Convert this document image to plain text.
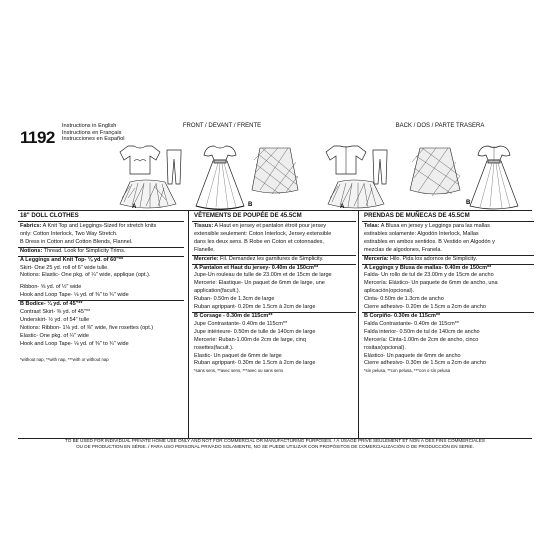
1192
Instructions in English
Instructions en Français
Instrucciones en Español
FRONT / DEVANT / FRENTE	BACK / DOS / PARTE TRASERA
A	B	A
B
18" DOLL CLOTHES
Fabrics: A Knit Top and Leggings-Sized for stretch knits
only: Cotton Interlock, Two Way Stretch.
B Dress in Cotton and Cotton Blends, Flannel.
Notions: Thread. Look for Simplicity Trims.
A Leggings and Knit Top- ⅛ yd. of 60"**
Skirt- One 25 yd. roll of 6" wide tulle.
Notions: Elastic- One pkg. of ¼" wide, applique (opt.).
Ribbon- ⅝ yd. of ½" wide
Hook and Loop Tape- ⅛ yd. of ⅜" to ¾" wide
B Bodice- ¼ yd. of 45"**
Contrast Skirt- ⅜ yd. of 45"**
Underskirt- ½ yd. of 54" tulle
Notions: Ribbon- 1⅛ yd. of ⅜" wide, five rosettes (opt.)
Elastic- One pkg. of ¼" wide
Hook and Loop Tape- ⅛ yd. of ⅜" to ¾" wide
*without nap, **with nap, ***with or without nap
VÊTEMENTS DE POUPÉE DE 45.5CM
Tissus: A Haut en jersey et pantalon étroit pour jersey
extensible seulement: Coton Interlock, Jersey extensible
dans les deux sens. B Robe en Coton et cotonnades,
Flanelle.
Mercerie: Fil. Demandez les garnitures de Simplicity.
A Pantalon et Haut du jersey- 0.40m de 150cm**
Jupe-Un rouleau de tulle de 23.00m et de 15cm de large
Mercerie: Élastique- Un paquet de 6mm de large, une
application(facult.).
Ruban- 0.50m de 1.3cm de large
Ruban agrippant- 0.20m de 1.5cm à 2cm de large
B Corsage - 0.30m de 115cm**
Jupe Contrastante- 0.40m de 115cm**
Jupe intérieure- 0.50m de tulle de 140cm de large
Mercerie: Ruban-1.00m de 2cm de large, cinq
rosettes(facult.).
Élastic- Un paquet de 6mm de large
Ruban agrippant- 0.30m de 1.5cm à 2cm de large
*sans sens, **avec sens, ***avec ou sans sens
PRENDAS DE MUÑECAS DE 45.5CM
Telas: A Blusa en jersey y Leggings para las mallas
estirables solamente: Algodón Interlock, Mallas
estirables en ambos sentidos. B Vestido en Algodón y
mezclas de algodones, Franela.
Mercería: Hilo. Pida los adornos de Simplicity.
A Leggings y Blusa de mallas- 0.40m de 150cm**
Falda- Un rollo de tul de 23.00m y de 15cm de ancho
Mercería: Elástico- Un paquete de 6mm de ancho, una
aplicación(opcional).
Cinta- 0.50m de 1.3cm de ancho
Cierre adhesivo- 0.20m de 1.5cm a 2cm de ancho
B Corpiño- 0.30m de 115cm**
Falda Contrastante- 0.40m de 115cm**
Falda interior- 0.50m de tul de 140cm de ancho
Mercería: Cinta-1.00m de 2cm de ancho, cinco
rositas(opcional).
Elástico- Un paquete de 6mm de ancho
Cierre adhesivo- 0.30m de 1.5cm a 2cm de ancho
*sin pelusa, **con pelusa, ***con o sin pelusa
TO BE USED FOR INDIVIDUAL PRIVATE HOME USE ONLY AND NOT FOR COMMERCIAL OR MANUFACTURING PURPOSES. / À USAGE PRIVÉ SEULEMENT ET NON À DES FINS COMMERCIALES
OU DE PRODUCTION EN SÉRIE. / PARA USO PERSONAL PRIVADO SOLAMENTE, NO SE PUEDE UTILIZAR CON PROPÓSITOS DE COMERCIALIZACIÓN O DE PRODUCCIÓN EN SERIE.
